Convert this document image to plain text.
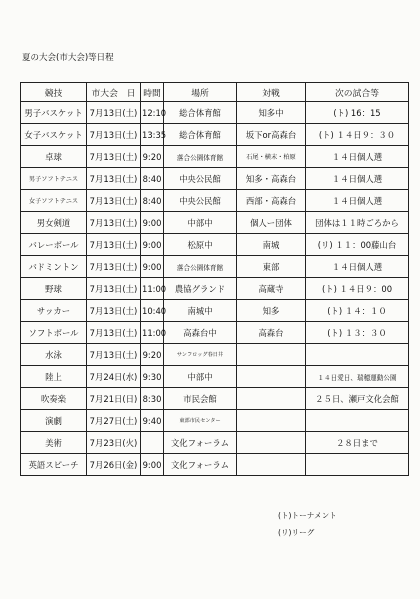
夏の大会(市大会)等日程
競技	市大会　日	時間	場所	対戦	次の試合等
男子バスケット	7月13日(土)	12:10	総合体育館	知多中	(ト) 16：15
女子バスケット	7月13日(土)	13:35	総合体育館	坂下or高森台	(ト) １４日９：３０
卓球	7月13日(土)	9:20	落合公園体育館	石尾・横末・柏原	１４日個人選
男子ソフトテニス	7月13日(土)	8:40	中央公民館	知多・高森台	１４日個人選
女子ソフトテニス	7月13日(土)	8:40	中央公民館	西部・高森台	１４日個人選
男女剣道	7月13日(土)	9:00	中部中	個人ー団体	団体は１１時ごろから
バレーボール	7月13日(土)	9:00	松原中	南城	(リ) １１：00藤山台
バドミントン	7月13日(土)	9:00	落合公園体育館	東部	１４日個人選
野球	7月13日(土)	11:00	農協グランド	高蔵寺	(ト) １４日９：00
サッカー	7月13日(土)	10:40	南城中	知多	(ト) １４：１０
ソフトボール	7月13日(土)	11:00	高森台中	高森台	(ト) １３：３０
水泳	7月13日(土)	9:20	サンフロッグ春日井		
陸上	7月24日(水)	9:30	中部中		１４日愛日、瑞穂運動公園
吹奏楽	7月21日(日)	8:30	市民会館		２５日、瀬戸文化会館
演劇	7月27日(土)	9:40	東部市民センター		
美術	7月23日(火)		文化フォーラム		２８日まで
英語スピーチ	7月26日(金)	9:00	文化フォーラム		
(ト)トーナメント
(リ)リーグ
